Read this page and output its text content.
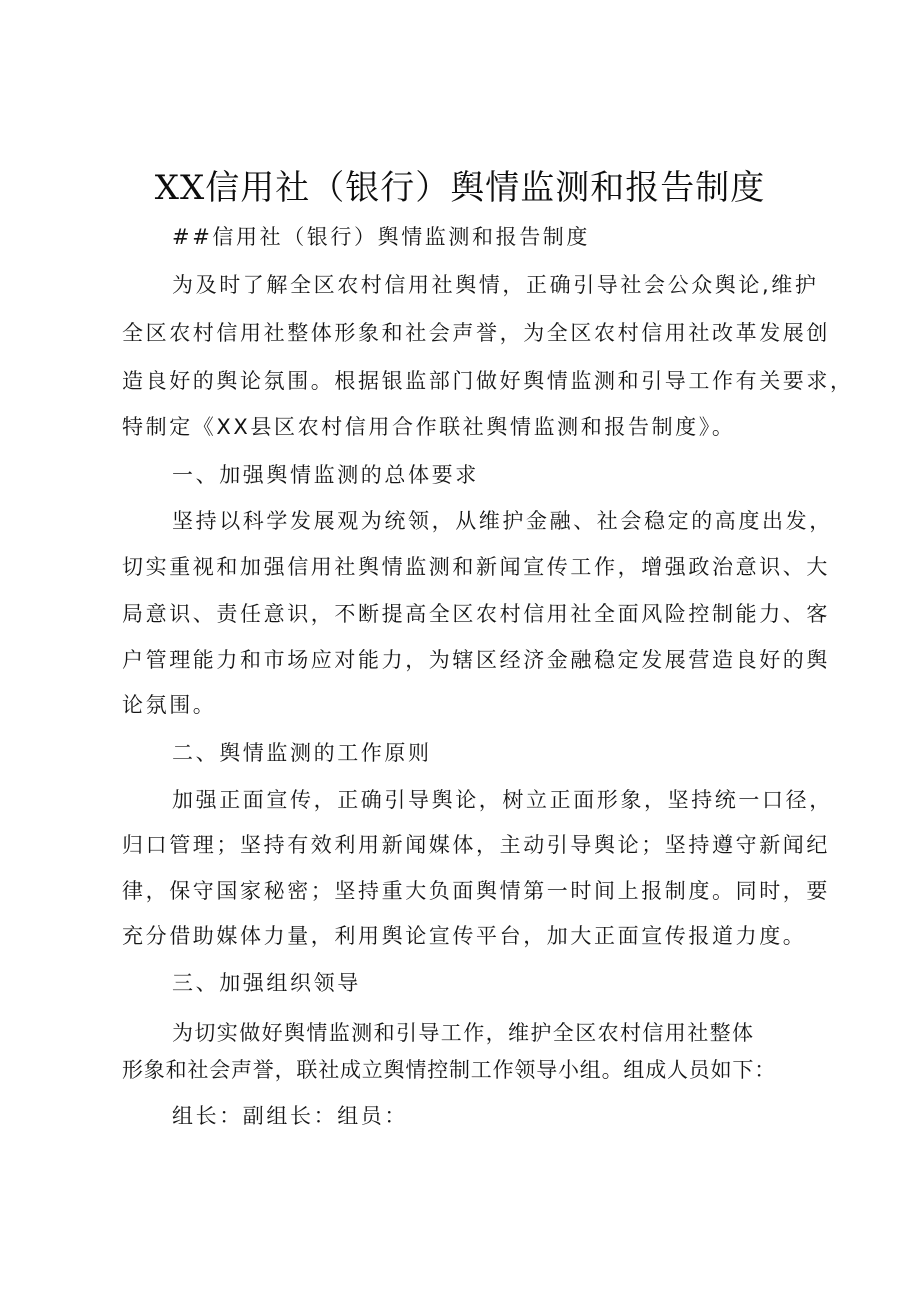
XX信用社（银行）舆情监测和报告制度
##信用社（银行）舆情监测和报告制度
为及时了解全区农村信用社舆情，正确引导社会公众舆论,维护
全区农村信用社整体形象和社会声誉，为全区农村信用社改革发展创
造良好的舆论氛围。根据银监部门做好舆情监测和引导工作有关要求，
特制定《XX县区农村信用合作联社舆情监测和报告制度》。
一、加强舆情监测的总体要求
坚持以科学发展观为统领，从维护金融、社会稳定的高度出发，
切实重视和加强信用社舆情监测和新闻宣传工作，增强政治意识、大
局意识、责任意识，不断提高全区农村信用社全面风险控制能力、客
户管理能力和市场应对能力，为辖区经济金融稳定发展营造良好的舆
论氛围。
二、舆情监测的工作原则
加强正面宣传，正确引导舆论，树立正面形象，坚持统一口径，
归口管理；坚持有效利用新闻媒体，主动引导舆论；坚持遵守新闻纪
律，保守国家秘密；坚持重大负面舆情第一时间上报制度。同时，要
充分借助媒体力量，利用舆论宣传平台，加大正面宣传报道力度。
三、加强组织领导
为切实做好舆情监测和引导工作，维护全区农村信用社整体
形象和社会声誉，联社成立舆情控制工作领导小组。组成人员如下：
组长：副组长：组员：
